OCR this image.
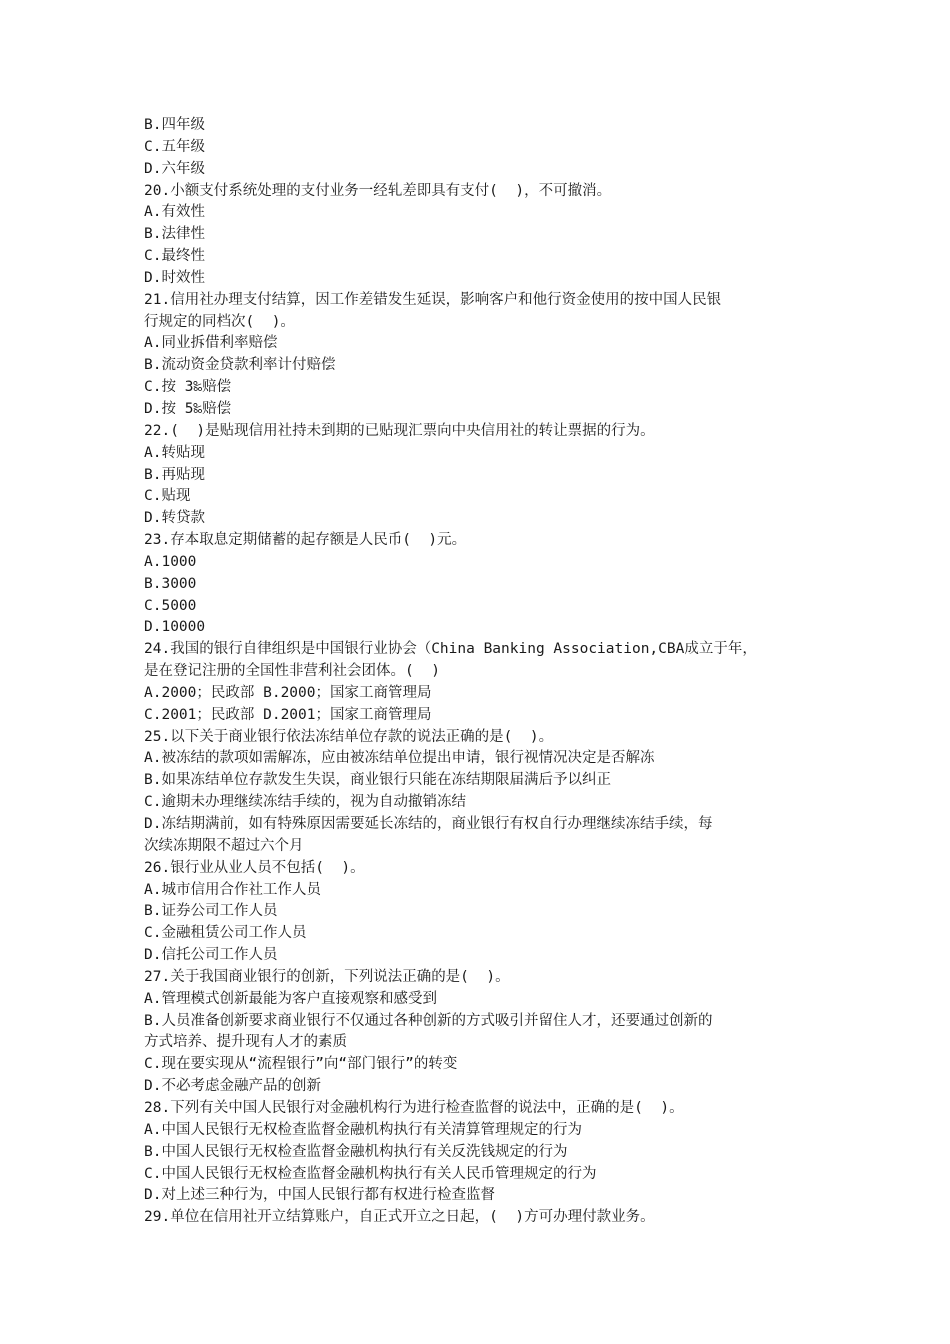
B.四年级
C.五年级
D.六年级
20.小额支付系统处理的支付业务一经轧差即具有支付(  )，不可撤消。
A.有效性
B.法律性
C.最终性
D.时效性
21.信用社办理支付结算，因工作差错发生延误，影响客户和他行资金使用的按中国人民银
行规定的同档次(  )。
A.同业拆借利率赔偿
B.流动资金贷款利率计付赔偿
C.按 3‰赔偿
D.按 5‰赔偿
22.(  )是贴现信用社持未到期的已贴现汇票向中央信用社的转让票据的行为。
A.转贴现
B.再贴现
C.贴现
D.转贷款
23.存本取息定期储蓄的起存额是人民币(  )元。
A.1000
B.3000
C.5000
D.10000
24.我国的银行自律组织是中国银行业协会（China Banking Association,CBA成立于年，
是在登记注册的全国性非营利社会团体。(  )
A.2000；民政部 B.2000；国家工商管理局
C.2001；民政部 D.2001；国家工商管理局
25.以下关于商业银行依法冻结单位存款的说法正确的是(  )。
A.被冻结的款项如需解冻，应由被冻结单位提出申请，银行视情况决定是否解冻
B.如果冻结单位存款发生失误，商业银行只能在冻结期限届满后予以纠正
C.逾期未办理继续冻结手续的，视为自动撤销冻结
D.冻结期满前，如有特殊原因需要延长冻结的，商业银行有权自行办理继续冻结手续，每
次续冻期限不超过六个月
26.银行业从业人员不包括(  )。
A.城市信用合作社工作人员
B.证券公司工作人员
C.金融租赁公司工作人员
D.信托公司工作人员
27.关于我国商业银行的创新，下列说法正确的是(  )。
A.管理模式创新最能为客户直接观察和感受到
B.人员准备创新要求商业银行不仅通过各种创新的方式吸引并留住人才，还要通过创新的
方式培养、提升现有人才的素质
C.现在要实现从“流程银行”向“部门银行”的转变
D.不必考虑金融产品的创新
28.下列有关中国人民银行对金融机构行为进行检查监督的说法中，正确的是(  )。
A.中国人民银行无权检查监督金融机构执行有关清算管理规定的行为
B.中国人民银行无权检查监督金融机构执行有关反洗钱规定的行为
C.中国人民银行无权检查监督金融机构执行有关人民币管理规定的行为
D.对上述三种行为，中国人民银行都有权进行检查监督
29.单位在信用社开立结算账户，自正式开立之日起，(  )方可办理付款业务。
